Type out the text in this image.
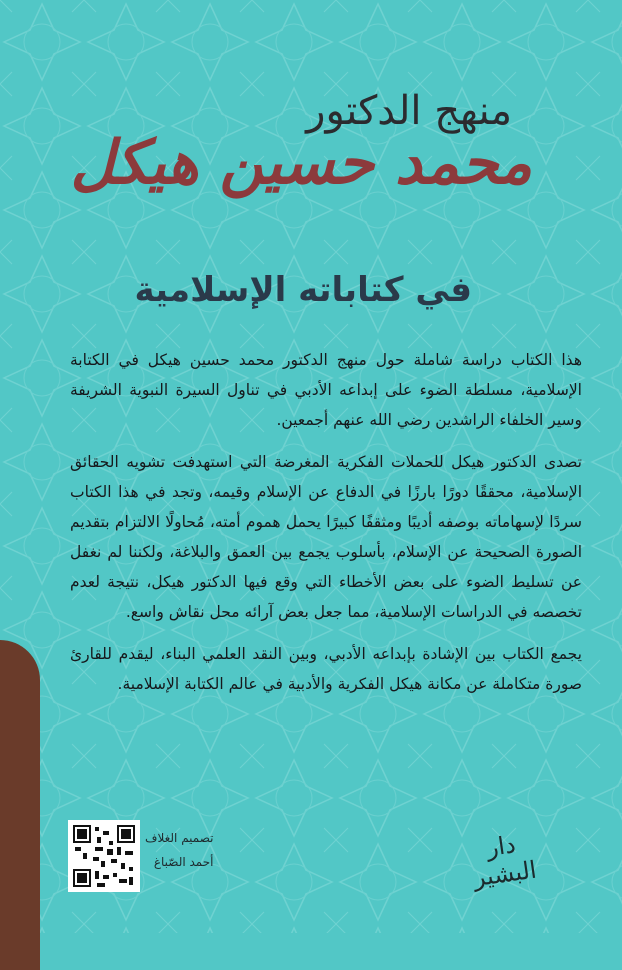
منهج الدكتور
محمد حسين هيكل
في كتاباته الإسلامية

هذا الكتاب دراسة شاملة حول منهج الدكتور محمد حسين هيكل في الكتابة الإسلامية، مسلطة الضوء على إبداعه الأدبي في تناول السيرة النبوية الشريفة وسير الخلفاء الراشدين رضي الله عنهم أجمعين.

تصدى الدكتور هيكل للحملات الفكرية المغرضة التي استهدفت تشويه الحقائق الإسلامية، محققًا دورًا بارزًا في الدفاع عن الإسلام وقيمه، وتجد في هذا الكتاب سردًا لإسهاماته بوصفه أديبًا ومثقفًا كبيرًا يحمل هموم أمته، مُحاولًا الالتزام بتقديم الصورة الصحيحة عن الإسلام، بأسلوب يجمع بين العمق والبلاغة، ولكننا لم نغفل عن تسليط الضوء على بعض الأخطاء التي وقع فيها الدكتور هيكل، نتيجة لعدم تخصصه في الدراسات الإسلامية، مما جعل بعض آرائه محل نقاش واسع.

يجمع الكتاب بين الإشادة بإبداعه الأدبي، وبين النقد العلمي البناء، ليقدم للقارئ صورة متكاملة عن مكانة هيكل الفكرية والأدبية في عالم الكتابة الإسلامية.

تصميم الغلاف
أحمد الصّباغ	دار البشير
